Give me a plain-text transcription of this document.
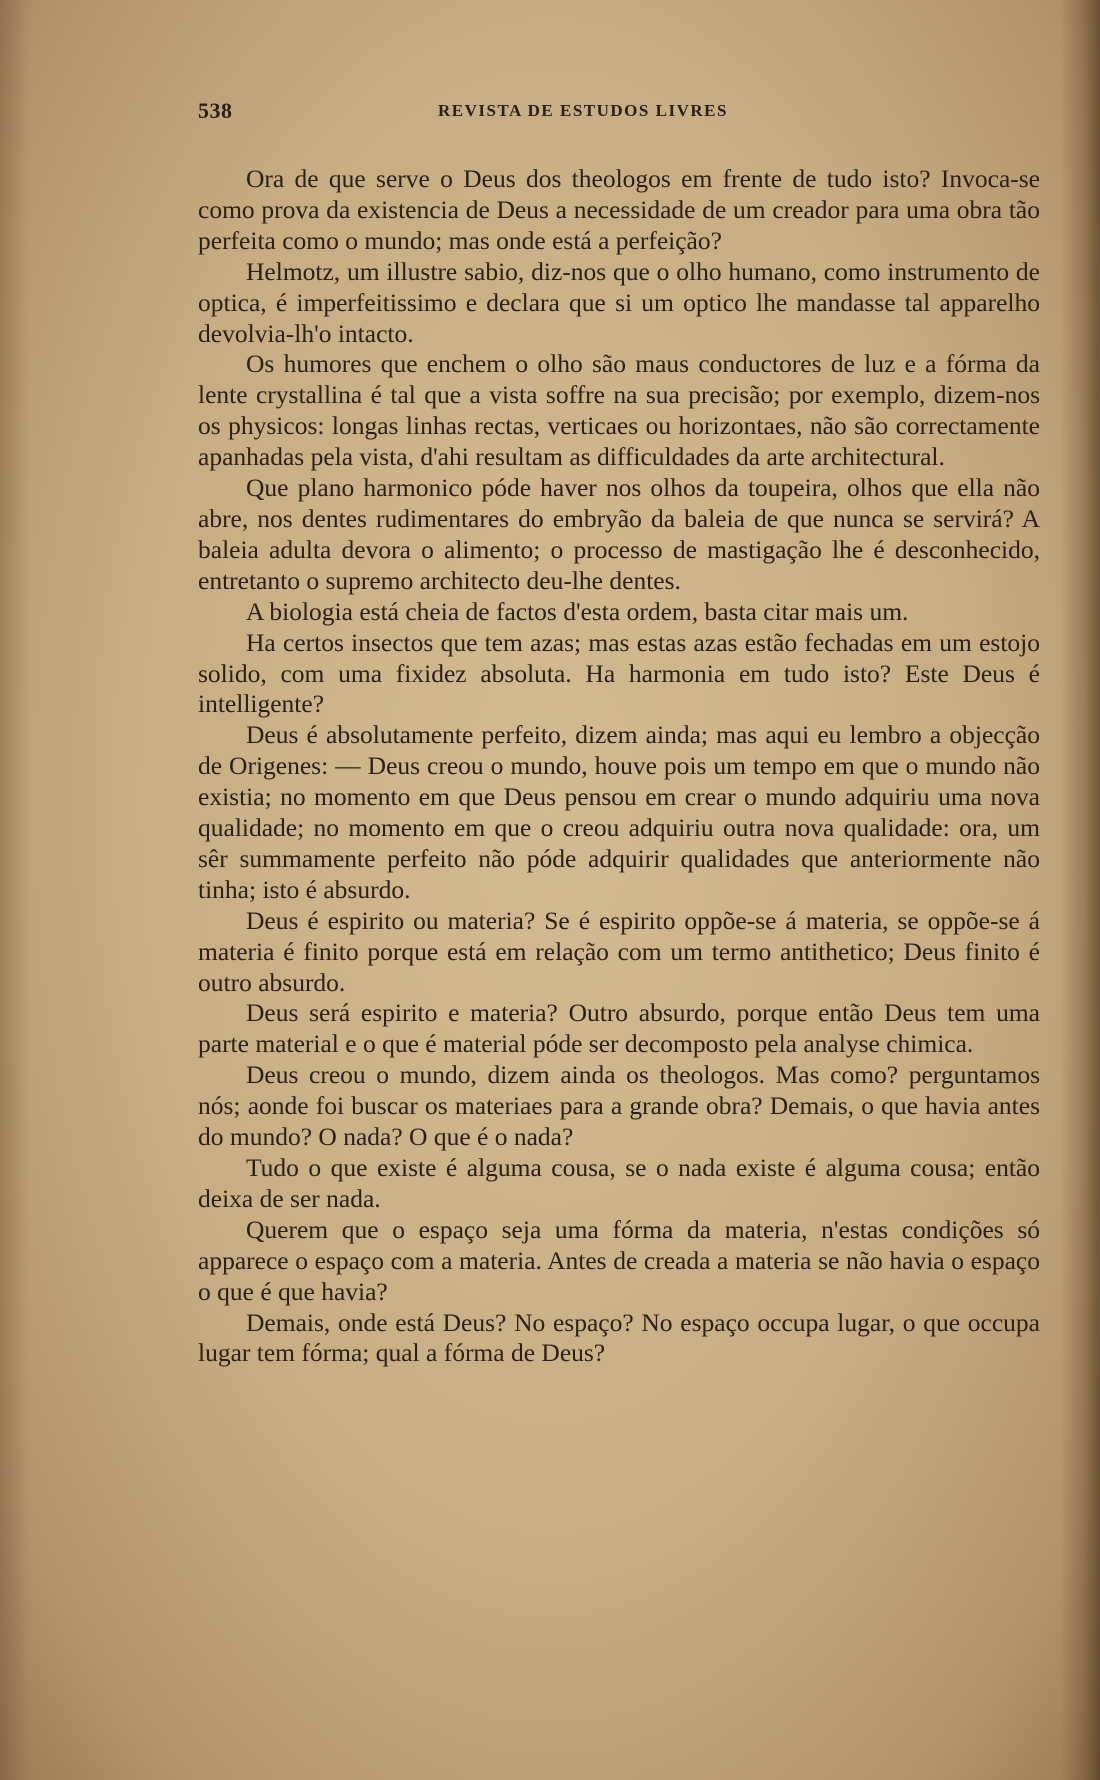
538	REVISTA DE ESTUDOS LIVRES

Ora de que serve o Deus dos theologos em frente de tudo isto? Invoca-se como prova da existencia de Deus a necessidade de um creador para uma obra tão perfeita como o mundo; mas onde está a perfeição?

Helmotz, um illustre sabio, diz-nos que o olho humano, como instrumento de optica, é imperfeitissimo e declara que si um optico lhe mandasse tal apparelho devolvia-lh'o intacto.

Os humores que enchem o olho são maus conductores de luz e a fórma da lente crystallina é tal que a vista soffre na sua precisão; por exemplo, dizem-nos os physicos: longas linhas rectas, verticaes ou horizontaes, não são correctamente apanhadas pela vista, d'ahi resultam as difficuldades da arte architectural.

Que plano harmonico póde haver nos olhos da toupeira, olhos que ella não abre, nos dentes rudimentares do embryão da baleia de que nunca se servirá? A baleia adulta devora o alimento; o processo de mastigação lhe é desconhecido, entretanto o supremo architecto deu-lhe dentes.

A biologia está cheia de factos d'esta ordem, basta citar mais um.

Ha certos insectos que tem azas; mas estas azas estão fechadas em um estojo solido, com uma fixidez absoluta. Ha harmonia em tudo isto? Este Deus é intelligente?

Deus é absolutamente perfeito, dizem ainda; mas aqui eu lembro a objecção de Origenes: — Deus creou o mundo, houve pois um tempo em que o mundo não existia; no momento em que Deus pensou em crear o mundo adquiriu uma nova qualidade; no momento em que o creou adquiriu outra nova qualidade: ora, um sêr summamente perfeito não póde adquirir qualidades que anteriormente não tinha; isto é absurdo.

Deus é espirito ou materia? Se é espirito oppõe-se á materia, se oppõe-se á materia é finito porque está em relação com um termo antithetico; Deus finito é outro absurdo.

Deus será espirito e materia? Outro absurdo, porque então Deus tem uma parte material e o que é material póde ser decomposto pela analyse chimica.

Deus creou o mundo, dizem ainda os theologos. Mas como? perguntamos nós; aonde foi buscar os materiaes para a grande obra? Demais, o que havia antes do mundo? O nada? O que é o nada?

Tudo o que existe é alguma cousa, se o nada existe é alguma cousa; então deixa de ser nada.

Querem que o espaço seja uma fórma da materia, n'estas condições só apparece o espaço com a materia. Antes de creada a materia se não havia o espaço o que é que havia?

Demais, onde está Deus? No espaço? No espaço occupa lugar, o que occupa lugar tem fórma; qual a fórma de Deus?
